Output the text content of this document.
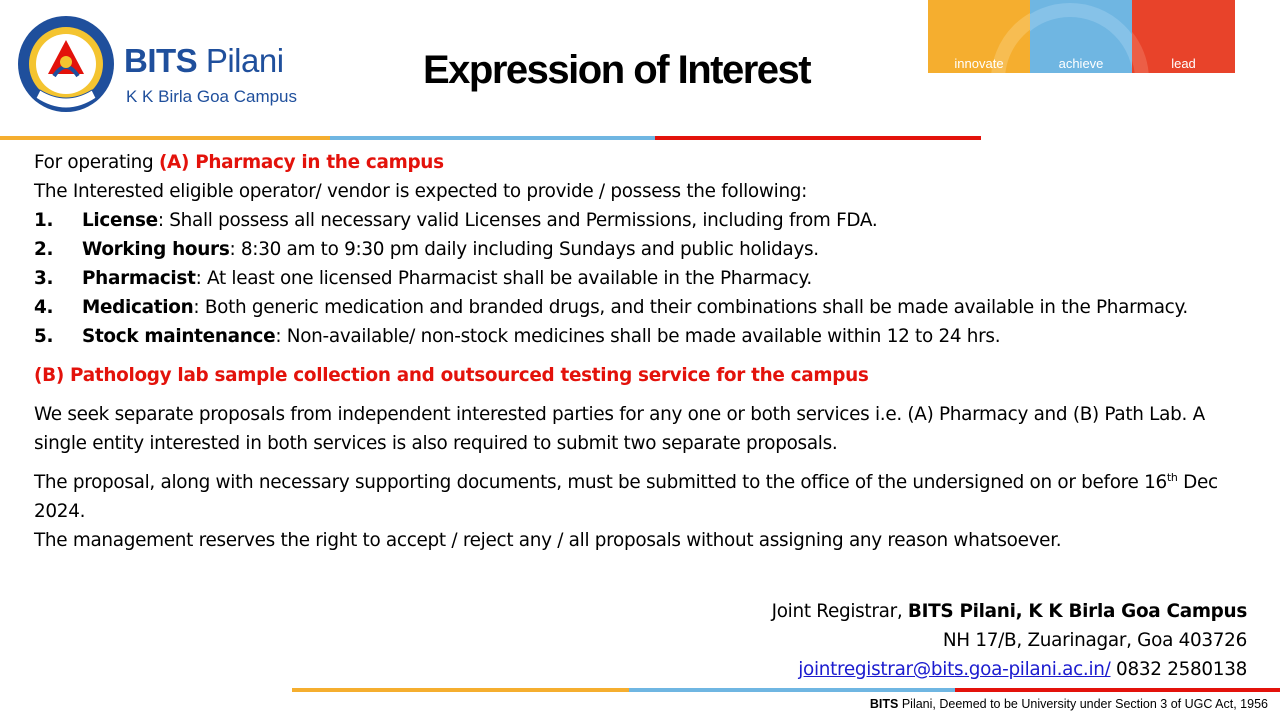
BITS Pilani
K K Birla Goa Campus
Expression of Interest	innovate	achieve	lead

For operating (A) Pharmacy in the campus

The Interested eligible operator/ vendor is expected to provide / possess the following:

1.	License: Shall possess all necessary valid Licenses and Permissions, including from FDA.
2.	Working hours: 8:30 am to 9:30 pm daily including Sundays and public holidays.
3.	Pharmacist: At least one licensed Pharmacist shall be available in the Pharmacy.
4.	Medication: Both generic medication and branded drugs, and their combinations shall be made available in the Pharmacy.
5.	Stock maintenance: Non-available/ non-stock medicines shall be made available within 12 to 24 hrs.

(B) Pathology lab sample collection and outsourced testing service for the campus

We seek separate proposals from independent interested parties for any one or both services i.e. (A) Pharmacy and (B) Path Lab. A single entity interested in both services is also required to submit two separate proposals.

The proposal, along with necessary supporting documents, must be submitted to the office of the undersigned on or before 16th Dec 2024.

The management reserves the right to accept / reject any / all proposals without assigning any reason whatsoever.

Joint Registrar, BITS Pilani, K K Birla Goa Campus
NH 17/B, Zuarinagar, Goa 403726
jointregistrar@bits.goa-pilani.ac.in/ 0832 2580138
BITS Pilani, Deemed to be University under Section 3 of UGC Act, 1956
